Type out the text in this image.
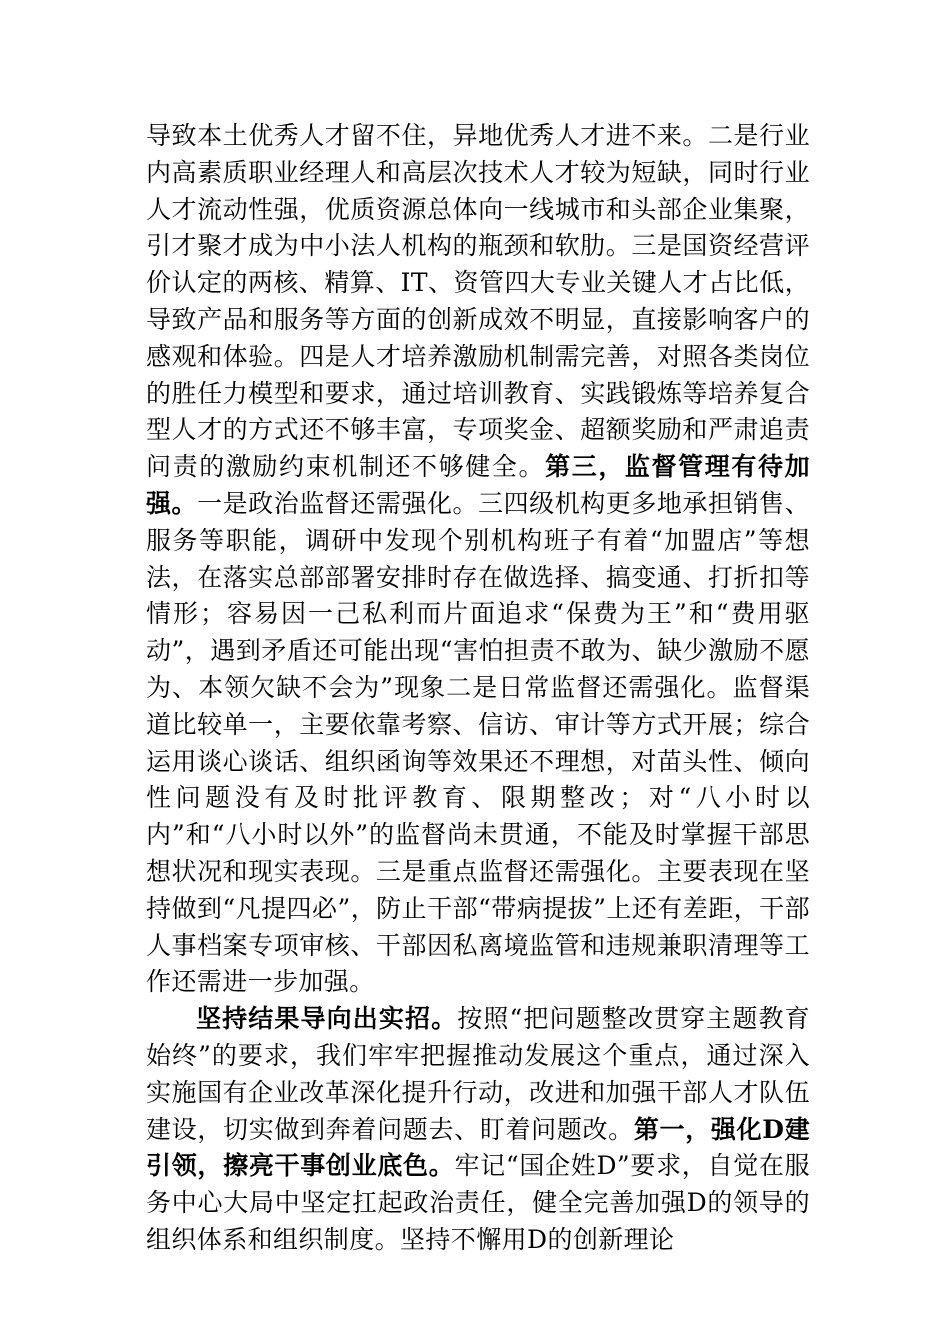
导致本土优秀人才留不住，异地优秀人才进不来。二是行业内高素质职业经理人和高层次技术人才较为短缺，同时行业人才流动性强，优质资源总体向一线城市和头部企业集聚，引才聚才成为中小法人机构的瓶颈和软肋。三是国资经营评价认定的两核、精算、IT、资管四大专业关键人才占比低，导致产品和服务等方面的创新成效不明显，直接影响客户的感观和体验。四是人才培养激励机制需完善，对照各类岗位的胜任力模型和要求，通过培训教育、实践锻炼等培养复合型人才的方式还不够丰富，专项奖金、超额奖励和严肃追责问责的激励约束机制还不够健全。第三，监督管理有待加强。一是政治监督还需强化。三四级机构更多地承担销售、服务等职能，调研中发现个别机构班子有着“加盟店”等想法，在落实总部部署安排时存在做选择、搞变通、打折扣等情形；容易因一己私利而片面追求“保费为王”和“费用驱动”，遇到矛盾还可能出现“害怕担责不敢为、缺少激励不愿为、本领欠缺不会为”现象二是日常监督还需强化。监督渠道比较单一，主要依靠考察、信访、审计等方式开展；综合运用谈心谈话、组织函询等效果还不理想，对苗头性、倾向性问题没有及时批评教育、限期整改；对“八小时以内”和“八小时以外”的监督尚未贯通，不能及时掌握干部思想状况和现实表现。三是重点监督还需强化。主要表现在坚持做到“凡提四必”，防止干部“带病提拔”上还有差距，干部人事档案专项审核、干部因私离境监管和违规兼职清理等工作还需进一步加强。

坚持结果导向出实招。按照“把问题整改贯穿主题教育始终”的要求，我们牢牢把握推动发展这个重点，通过深入实施国有企业改革深化提升行动，改进和加强干部人才队伍建设，切实做到奔着问题去、盯着问题改。第一，强化D建引领，擦亮干事创业底色。牢记“国企姓D”要求，自觉在服务中心大局中坚定扛起政治责任，健全完善加强D的领导的组织体系和组织制度。坚持不懈用D的创新理论
